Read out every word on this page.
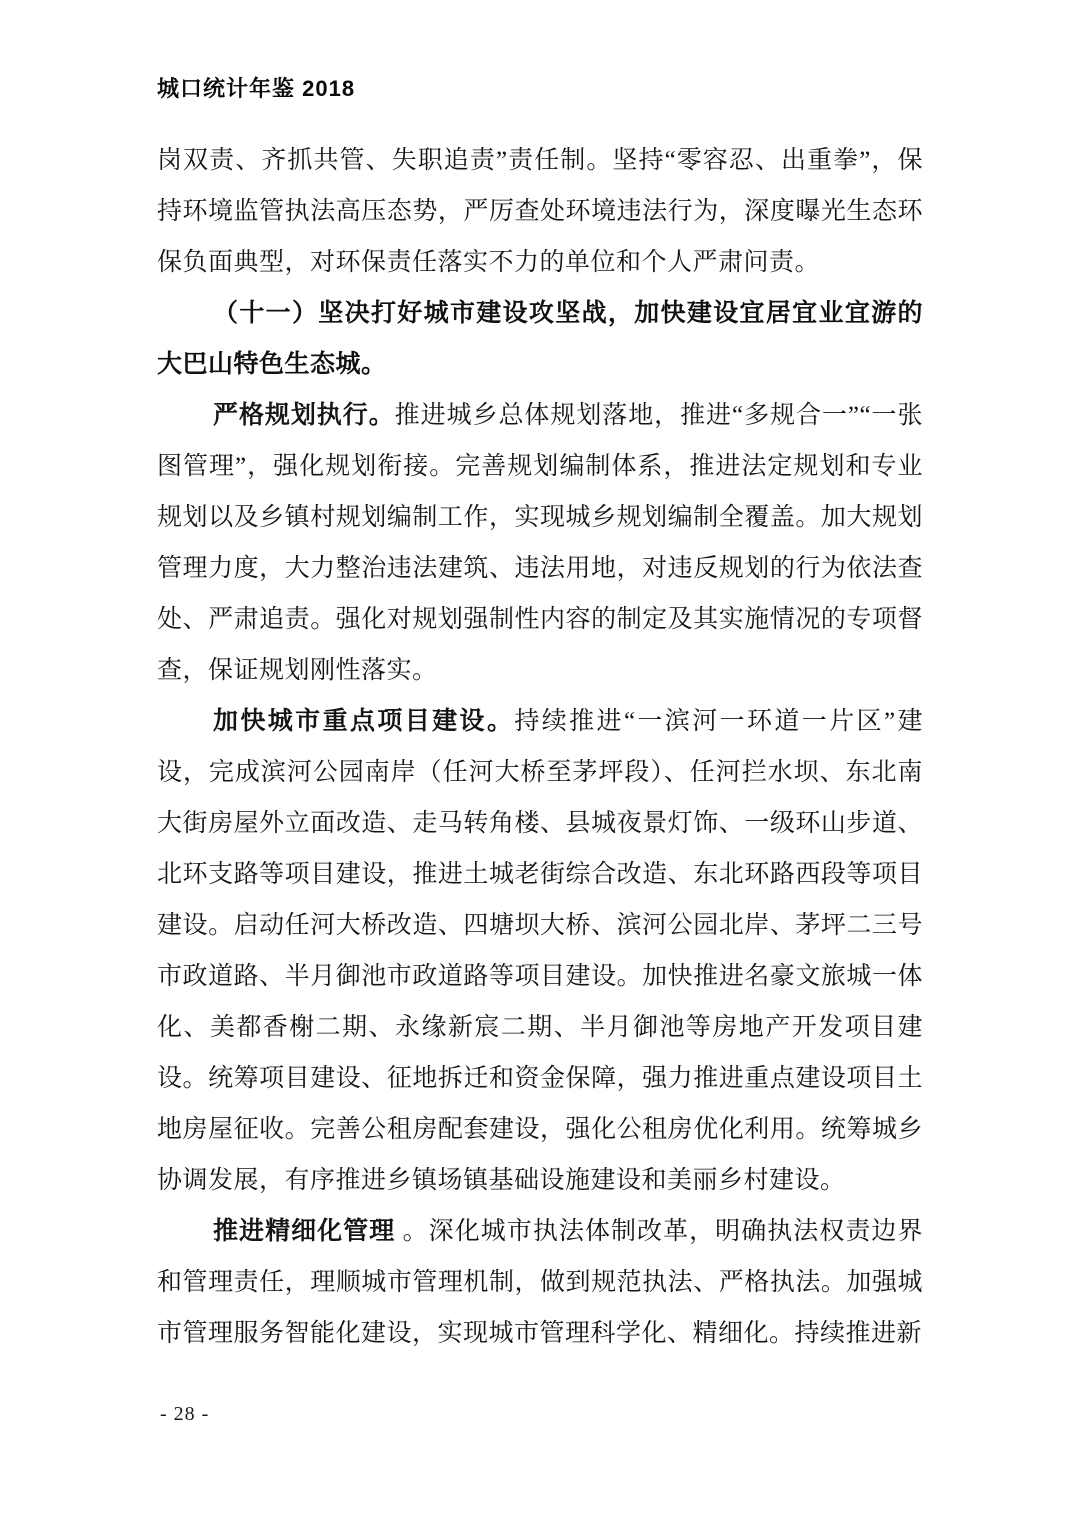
城口统计年鉴 2018

岗双责、齐抓共管、失职追责”责任制。坚持“零容忍、出重拳”，保持环境监管执法高压态势，严厉查处环境违法行为，深度曝光生态环保负面典型，对环保责任落实不力的单位和个人严肃问责。

（十一）坚决打好城市建设攻坚战，加快建设宜居宜业宜游的大巴山特色生态城。

严格规划执行。推进城乡总体规划落地，推进“多规合一”“一张图管理”，强化规划衔接。完善规划编制体系，推进法定规划和专业规划以及乡镇村规划编制工作，实现城乡规划编制全覆盖。加大规划管理力度，大力整治违法建筑、违法用地，对违反规划的行为依法查处、严肃追责。强化对规划强制性内容的制定及其实施情况的专项督查，保证规划刚性落实。

加快城市重点项目建设。持续推进“一滨河一环道一片区”建设，完成滨河公园南岸（任河大桥至茅坪段）、任河拦水坝、东北南大街房屋外立面改造、走马转角楼、县城夜景灯饰、一级环山步道、北环支路等项目建设，推进土城老街综合改造、东北环路西段等项目建设。启动任河大桥改造、四塘坝大桥、滨河公园北岸、茅坪二三号市政道路、半月御池市政道路等项目建设。加快推进名豪文旅城一体化、美都香榭二期、永缘新宸二期、半月御池等房地产开发项目建设。统筹项目建设、征地拆迁和资金保障，强力推进重点建设项目土地房屋征收。完善公租房配套建设，强化公租房优化利用。统筹城乡协调发展，有序推进乡镇场镇基础设施建设和美丽乡村建设。

推进精细化管理 。深化城市执法体制改革，明确执法权责边界和管理责任，理顺城市管理机制，做到规范执法、严格执法。加强城市管理服务智能化建设，实现城市管理科学化、精细化。持续推进新

- 28 -
